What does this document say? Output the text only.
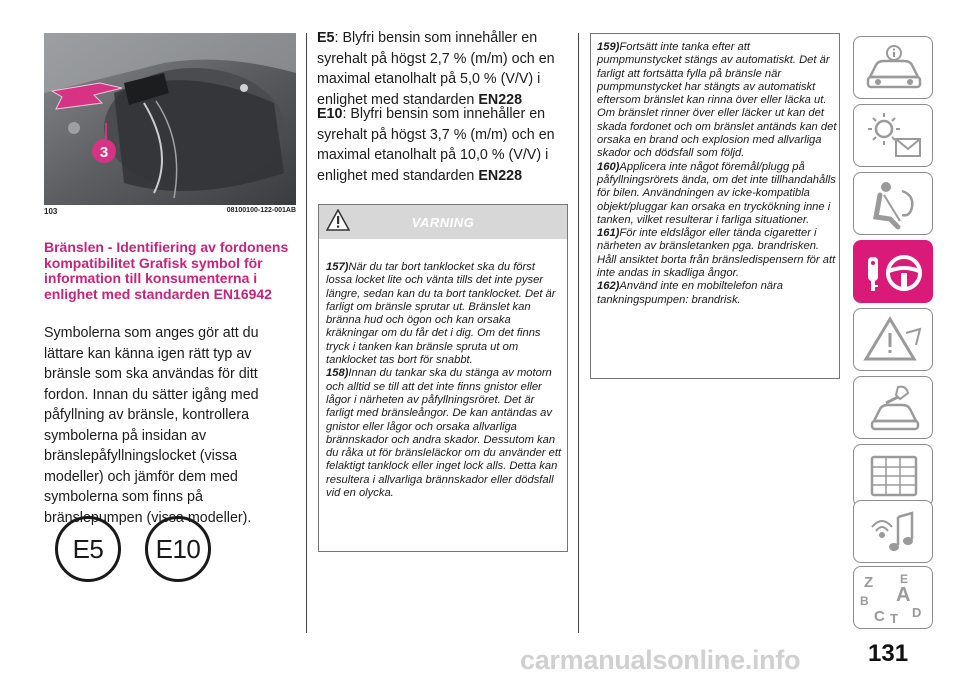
3
103	08100100-122-001AB
Bränslen - Identifiering av fordonens kompatibilitet Grafisk symbol för information till konsumenterna i enlighet med standarden EN16942
Symbolerna som anges gör att du lättare kan känna igen rätt typ av bränsle som ska användas för ditt fordon. Innan du sätter igång med påfyllning av bränsle, kontrollera symbolerna på insidan av bränslepåfyllningslocket (vissa modeller) och jämför dem med symbolerna som finns på bränslepumpen (vissa modeller).
E5	E10
E5: Blyfri bensin som innehåller en syrehalt på högst 2,7 % (m/m) och en maximal etanolhalt på 5,0 % (V/V) i enlighet med standarden EN228
E10: Blyfri bensin som innehåller en syrehalt på högst 3,7 % (m/m) och en maximal etanolhalt på 10,0 % (V/V) i enlighet med standarden EN228
VARNING
157)När du tar bort tanklocket ska du först lossa locket lite och vänta tills det inte pyser längre, sedan kan du ta bort tanklocket. Det är farligt om bränsle sprutar ut. Bränslet kan bränna hud och ögon och kan orsaka kräkningar om du får det i dig. Om det finns tryck i tanken kan bränsle spruta ut om tanklocket tas bort för snabbt.
158)Innan du tankar ska du stänga av motorn och alltid se till att det inte finns gnistor eller lågor i närheten av påfyllningsröret. Det är farligt med bränsleångor. De kan antändas av gnistor eller lågor och orsaka allvarliga brännskador och andra skador. Dessutom kan du råka ut för bränsleläckor om du använder ett felaktigt tanklock eller inget lock alls. Detta kan resultera i allvarliga brännskador eller dödsfall vid en olycka.
159)Fortsätt inte tanka efter att pumpmunstycket stängs av automatiskt. Det är farligt att fortsätta fylla på bränsle när pumpmunstycket har stängts av automatiskt eftersom bränslet kan rinna över eller läcka ut. Om bränslet rinner över eller läcker ut kan det skada fordonet och om bränslet antänds kan det orsaka en brand och explosion med allvarliga skador och dödsfall som följd.
160)Applicera inte något föremål/plugg på påfyllningsrörets ända, om det inte tillhandahålls för bilen. Användningen av icke-kompatibla objekt/pluggar kan orsaka en tryckökning inne i tanken, vilket resulterar i farliga situationer.
161)För inte eldslågor eller tända cigaretter i närheten av bränsletanken pga. brandrisken. Håll ansiktet borta från bränsledispensern för att inte andas in skadliga ångor.
162)Använd inte en mobiltelefon nära tankningspumpen: brandrisk.
Z E
B A
C T D
carmanualsonline.info	131
